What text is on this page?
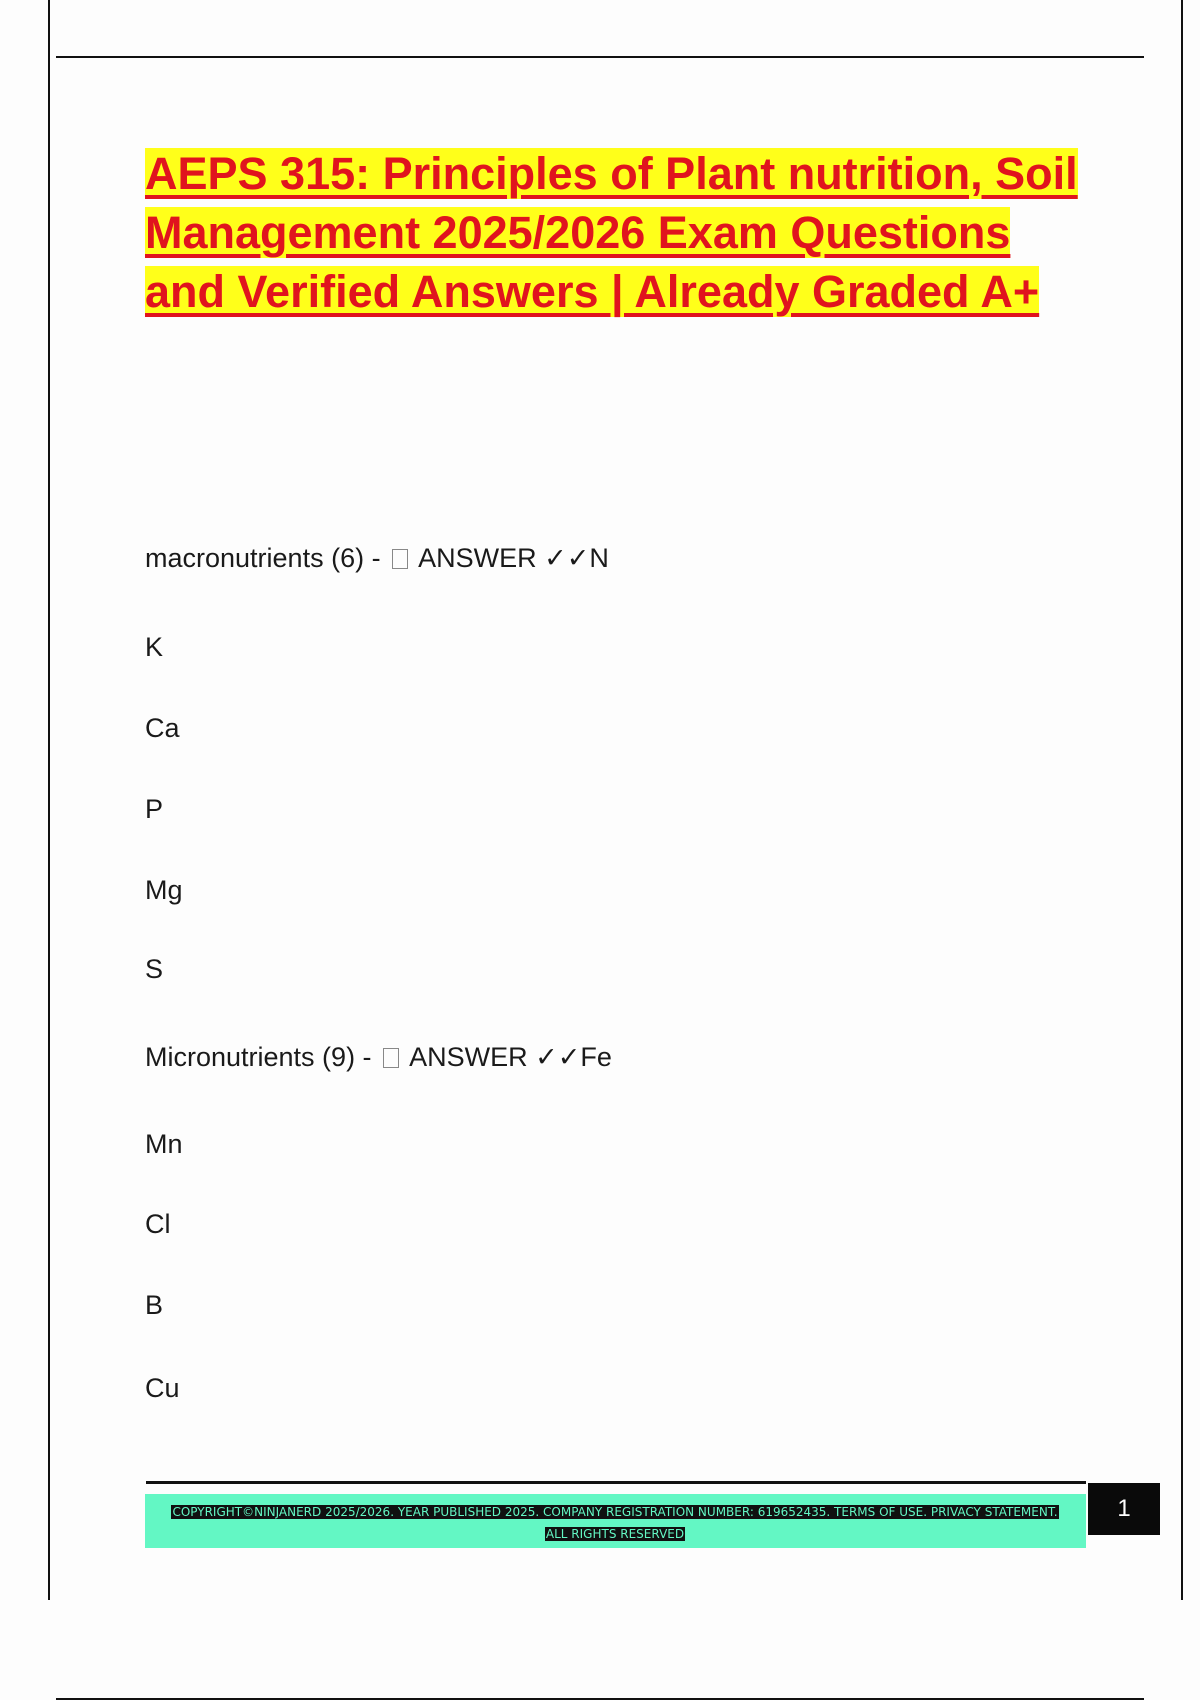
AEPS 315: Principles of Plant nutrition, Soil Management 2025/2026 Exam Questions and Verified Answers | Already Graded A+

macronutrients (6) -  ANSWER ✓✓N

K

Ca

P

Mg

S

Micronutrients (9) -  ANSWER ✓✓Fe

Mn

Cl

B

Cu

COPYRIGHT©NINJANERD 2025/2026. YEAR PUBLISHED 2025. COMPANY REGISTRATION NUMBER: 619652435. TERMS OF USE. PRIVACY STATEMENT. ALL RIGHTS RESERVED

1
